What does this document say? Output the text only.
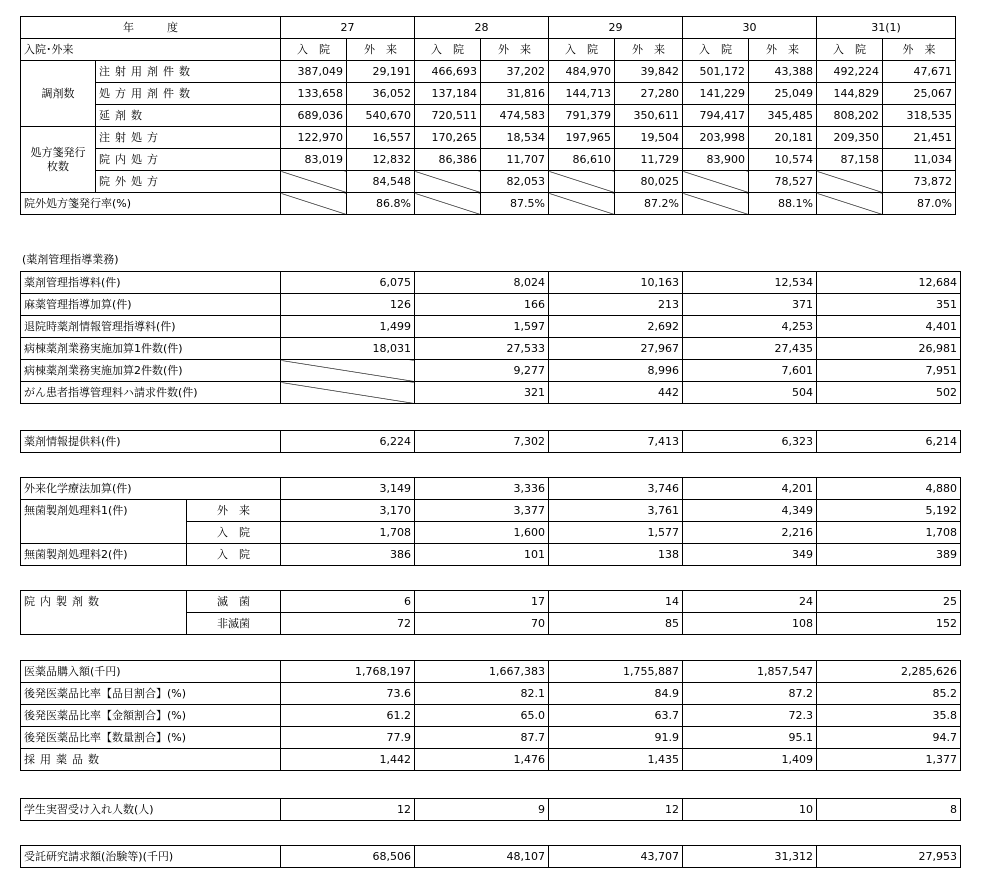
年　　　度		27		28		29		30		31(1)	
入院･外来		入　院	外　来	入　院	外　来	入　院	外　来	入　院	外　来	入　院	外　来
調剤数	注射用剤件数	387,049	29,191	466,693	37,202	484,970	39,842	501,172	43,388	492,224	47,671
	処方用剤件数	133,658	36,052	137,184	31,816	144,713	27,280	141,229	25,049	144,829	25,067
	延剤数	689,036	540,670	720,511	474,583	791,379	350,611	794,417	345,485	808,202	318,535
処方箋発行
枚数	注射処方	122,970	16,557	170,265	18,534	197,965	19,504	203,998	20,181	209,350	21,451
	院内処方	83,019	12,832	86,386	11,707	86,610	11,729	83,900	10,574	87,158	11,034
	院外処方		84,548		82,053		80,025		78,527		73,872
院外処方箋発行率(%)			86.8%		87.5%		87.2%		88.1%		87.0%
(薬剤管理指導業務)
薬剤管理指導料(件)	6,075	8,024	10,163	12,534	12,684
麻薬管理指導加算(件)	126	166	213	371	351
退院時薬剤情報管理指導料(件)	1,499	1,597	2,692	4,253	4,401
病棟薬剤業務実施加算1件数(件)	18,031	27,533	27,967	27,435	26,981
病棟薬剤業務実施加算2件数(件)		9,277	8,996	7,601	7,951
がん患者指導管理料ハ請求件数(件)		321	442	504	502
薬剤情報提供料(件)	6,224	7,302	7,413	6,323	6,214
外来化学療法加算(件)		3,149	3,336	3,746	4,201	4,880
無菌製剤処理料1(件)	外　来	3,170	3,377	3,761	4,349	5,192
	入　院	1,708	1,600	1,577	2,216	1,708
無菌製剤処理料2(件)	入　院	386	101	138	349	389
院内製剤数	滅　菌	6	17	14	24	25
	非滅菌	72	70	85	108	152
医薬品購入額(千円)	1,768,197	1,667,383	1,755,887	1,857,547	2,285,626
後発医薬品比率【品目割合】(%)	73.6	82.1	84.9	87.2	85.2
後発医薬品比率【金額割合】(%)	61.2	65.0	63.7	72.3	35.8
後発医薬品比率【数量割合】(%)	77.9	87.7	91.9	95.1	94.7
採用薬品数	1,442	1,476	1,435	1,409	1,377
学生実習受け入れ人数(人)	12	9	12	10	8
受託研究請求額(治験等)(千円)	68,506	48,107	43,707	31,312	27,953
